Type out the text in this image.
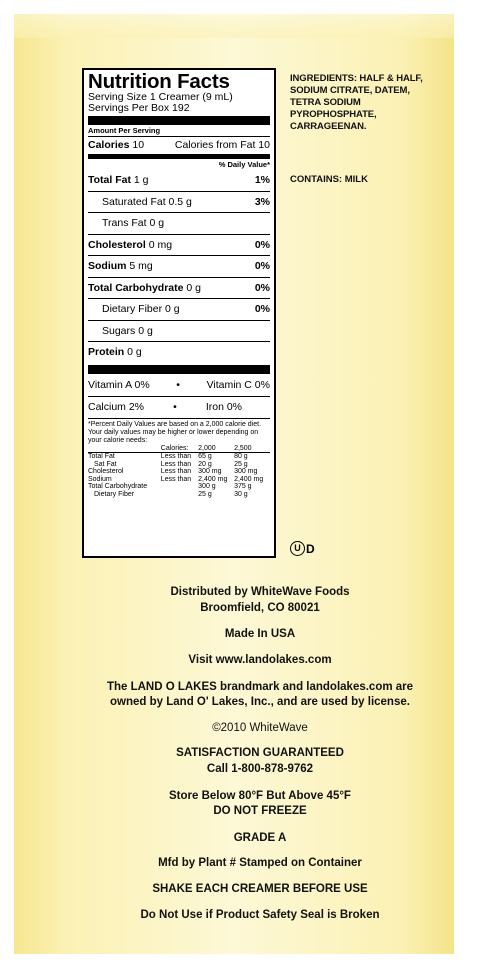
Nutrition Facts
Serving Size 1 Creamer (9 mL)
Servings Per Box 192
Amount Per Serving
Calories 10	Calories from Fat 10
% Daily Value*
Total Fat 1 g	1%
Saturated Fat 0.5 g	3%
Trans Fat 0 g
Cholesterol 0 mg	0%
Sodium 5 mg	0%
Total Carbohydrate 0 g	0%
Dietary Fiber 0 g	0%
Sugars 0 g
Protein 0 g
Vitamin A 0%	•	Vitamin C 0%
Calcium 2%	•	Iron 0%
*Percent Daily Values are based on a 2,000 calorie diet. Your daily values may be higher or lower depending on your calorie needs:
	Calories:	2,000	2,500
Total Fat	Less than	65 g	80 g
Sat Fat	Less than	20 g	25 g
Cholesterol	Less than	300 mg	300 mg
Sodium	Less than	2,400 mg	2,400 mg
Total Carbohydrate		300 g	375 g
Dietary Fiber		25 g	30 g
INGREDIENTS: HALF & HALF, SODIUM CITRATE, DATEM, TETRA SODIUM PYROPHOSPHATE, CARRAGEENAN.
CONTAINS: MILK
U D
Distributed by WhiteWave Foods
Broomfield, CO 80021
Made In USA
Visit www.landolakes.com
The LAND O LAKES brandmark and landolakes.com are
owned by Land O' Lakes, Inc., and are used by license.
©2010 WhiteWave
SATISFACTION GUARANTEED
Call 1-800-878-9762
Store Below 80°F But Above 45°F
DO NOT FREEZE
GRADE A
Mfd by Plant # Stamped on Container
SHAKE EACH CREAMER BEFORE USE
Do Not Use if Product Safety Seal is Broken
